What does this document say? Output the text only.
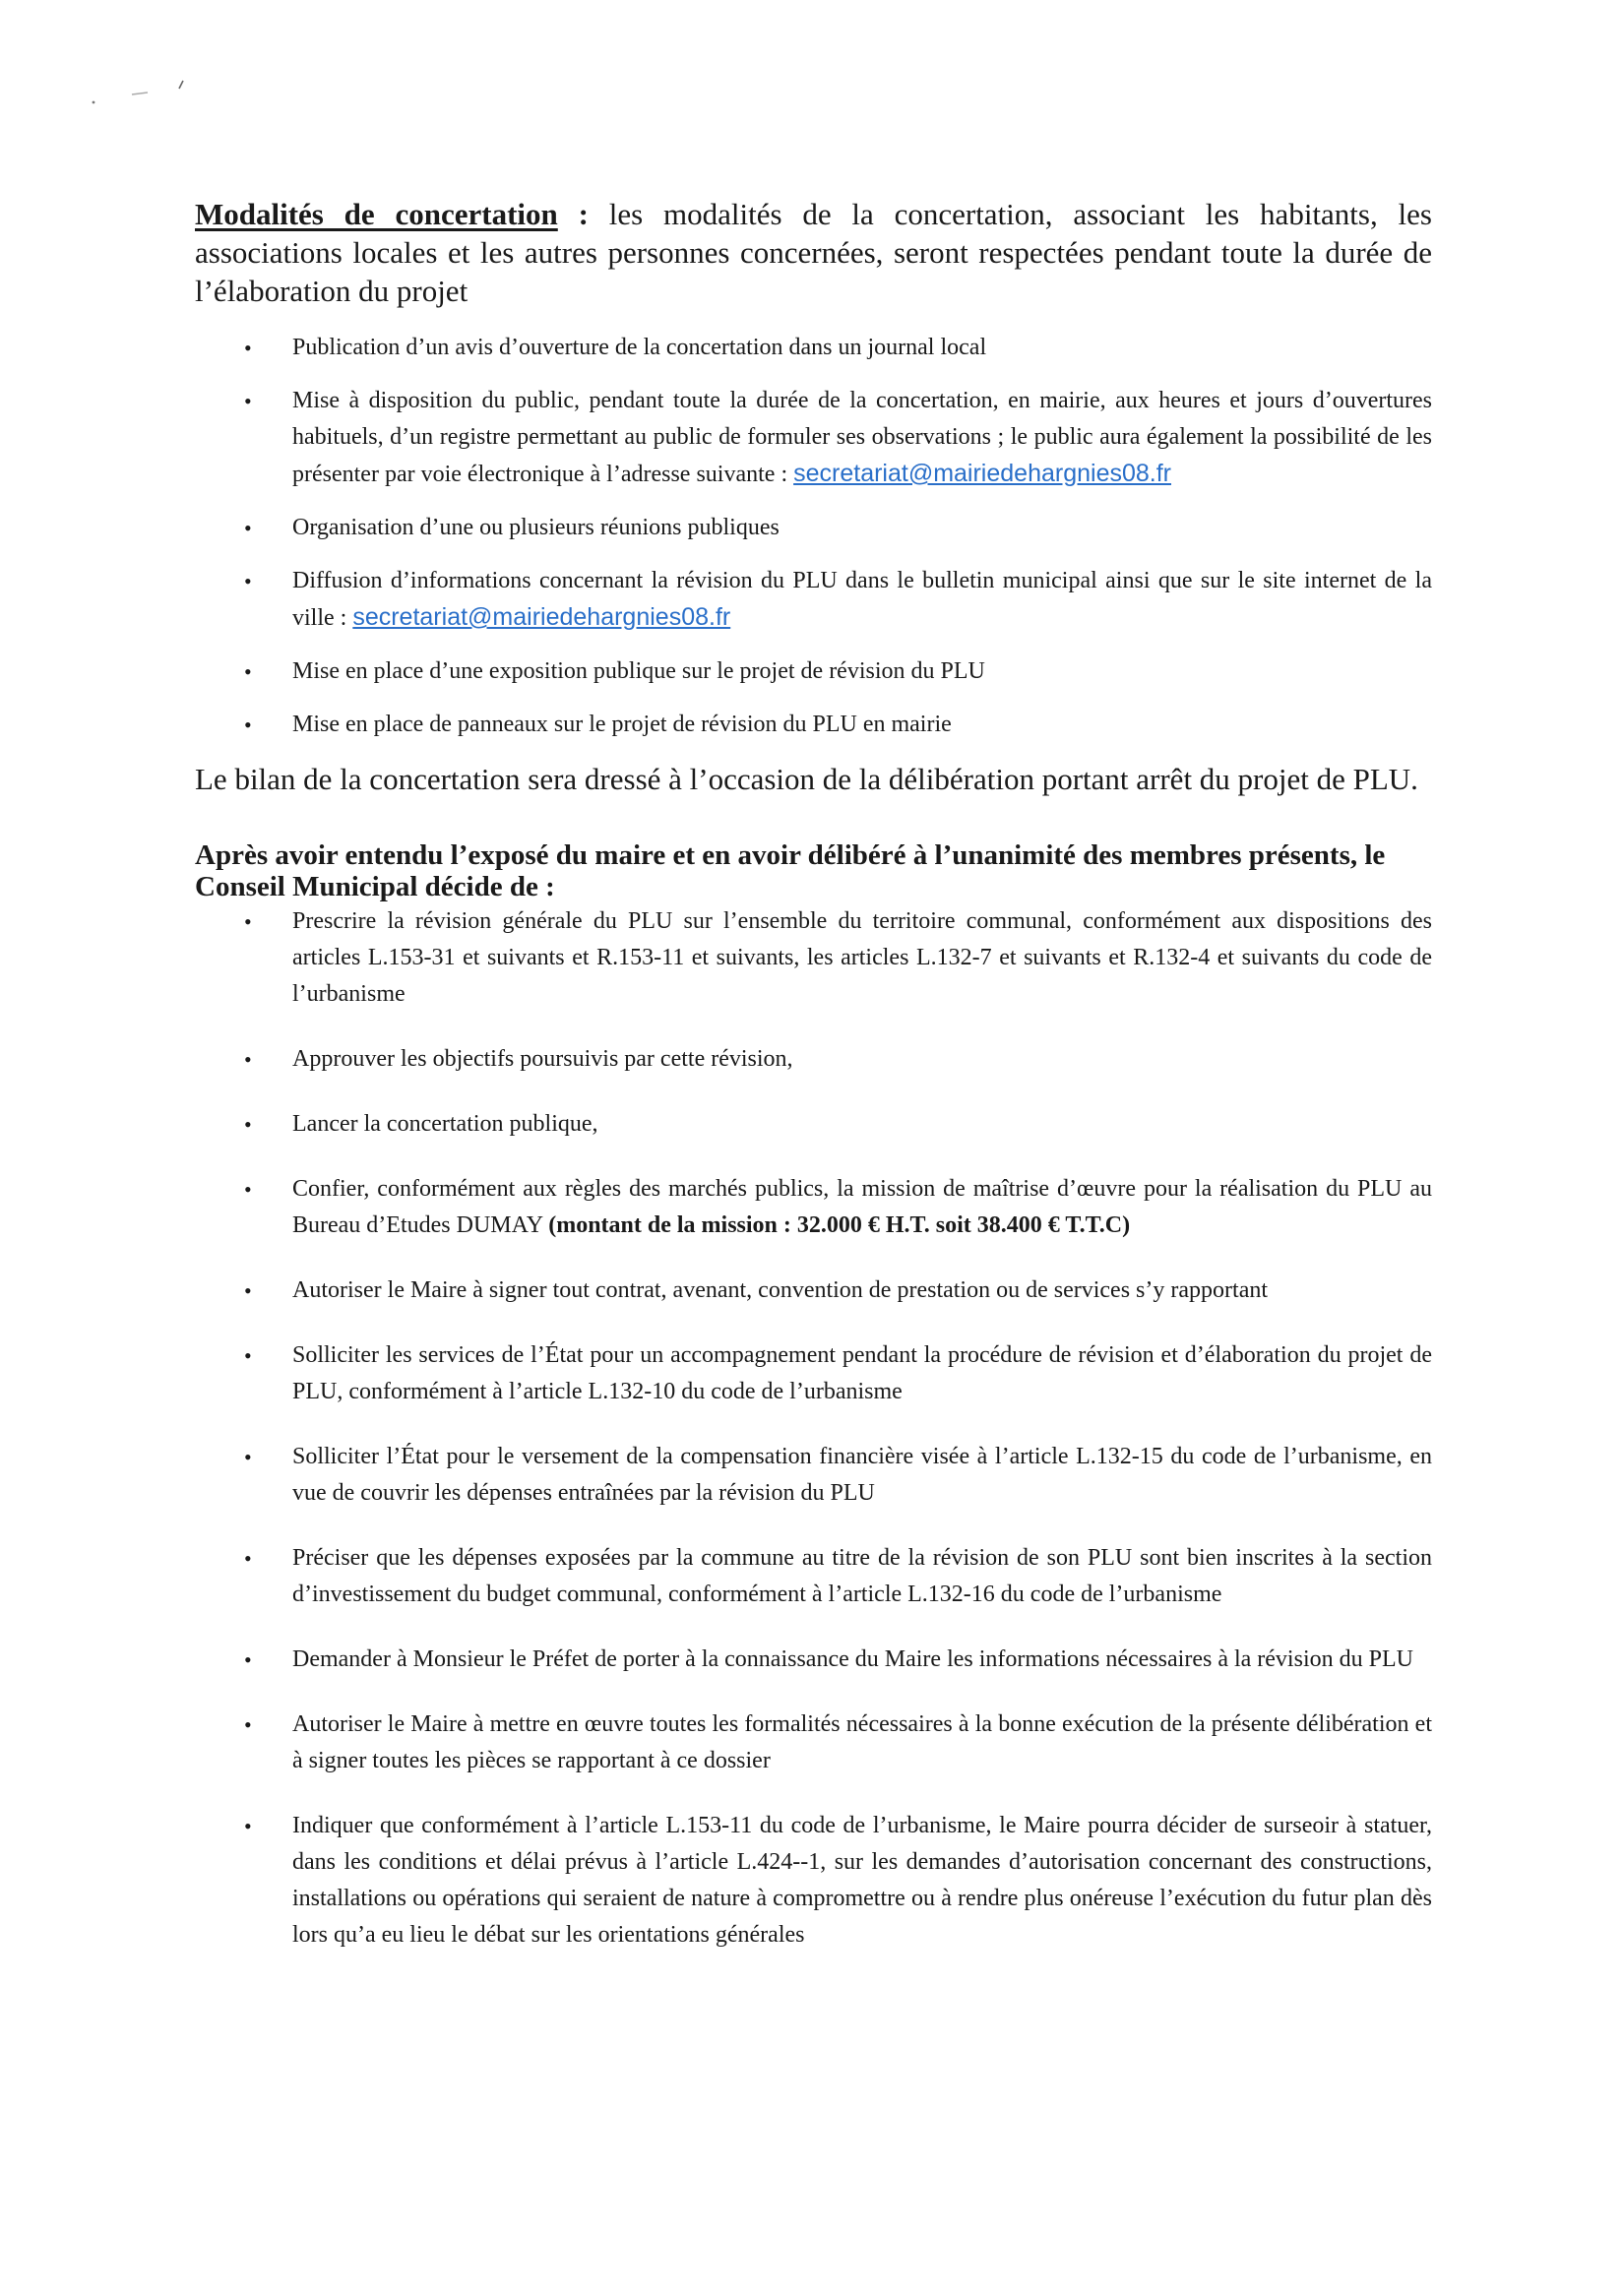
Modalités de concertation : les modalités de la concertation, associant les habitants, les associations locales et les autres personnes concernées, seront respectées pendant toute la durée de l’élaboration du projet

• Publication d’un avis d’ouverture de la concertation dans un journal local
• Mise à disposition du public, pendant toute la durée de la concertation, en mairie, aux heures et jours d’ouvertures habituels, d’un registre permettant au public de formuler ses observations ; le public aura également la possibilité de les présenter par voie électronique à l’adresse suivante : secretariat@mairiedehargnies08.fr
• Organisation d’une ou plusieurs réunions publiques
• Diffusion d’informations concernant la révision du PLU dans le bulletin municipal ainsi que sur le site internet de la ville : secretariat@mairiedehargnies08.fr
• Mise en place d’une exposition publique sur le projet de révision du PLU
• Mise en place de panneaux sur le projet de révision du PLU en mairie

Le bilan de la concertation sera dressé à l’occasion de la délibération portant arrêt du projet de PLU.

Après avoir entendu l’exposé du maire et en avoir délibéré à l’unanimité des membres présents, le Conseil Municipal décide de :

• Prescrire la révision générale du PLU sur l’ensemble du territoire communal, conformément aux dispositions des articles L.153-31 et suivants et R.153-11 et suivants, les articles L.132-7 et suivants et R.132-4 et suivants du code de l’urbanisme
• Approuver les objectifs poursuivis par cette révision,
• Lancer la concertation publique,
• Confier, conformément aux règles des marchés publics, la mission de maîtrise d’œuvre pour la réalisation du PLU au Bureau d’Etudes DUMAY (montant de la mission : 32.000 € H.T. soit 38.400 € T.T.C)
• Autoriser le Maire à signer tout contrat, avenant, convention de prestation ou de services s’y rapportant
• Solliciter les services de l’État pour un accompagnement pendant la procédure de révision et d’élaboration du projet de PLU, conformément à l’article L.132-10 du code de l’urbanisme
• Solliciter l’État pour le versement de la compensation financière visée à l’article L.132-15 du code de l’urbanisme, en vue de couvrir les dépenses entraînées par la révision du PLU
• Préciser que les dépenses exposées par la commune au titre de la révision de son PLU sont bien inscrites à la section d’investissement du budget communal, conformément à l’article L.132-16 du code de l’urbanisme
• Demander à Monsieur le Préfet de porter à la connaissance du Maire les informations nécessaires à la révision du PLU
• Autoriser le Maire à mettre en œuvre toutes les formalités nécessaires à la bonne exécution de la présente délibération et à signer toutes les pièces se rapportant à ce dossier
• Indiquer que conformément à l’article L.153-11 du code de l’urbanisme, le Maire pourra décider de surseoir à statuer, dans les conditions et délai prévus à l’article L.424--1, sur les demandes d’autorisation concernant des constructions, installations ou opérations qui seraient de nature à compromettre ou à rendre plus onéreuse l’exécution du futur plan dès lors qu’a eu lieu le débat sur les orientations générales
